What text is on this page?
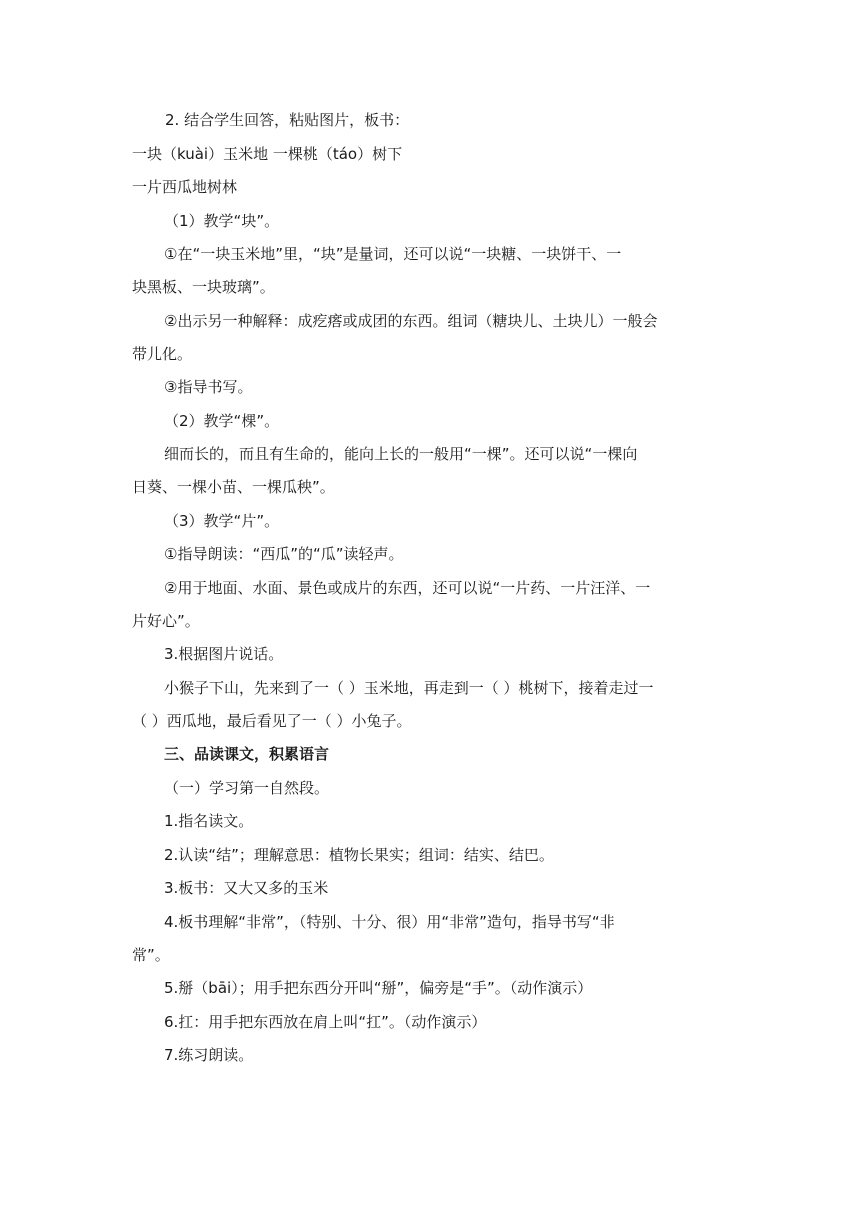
2. 结合学生回答，粘贴图片，板书：

一块（kuài）玉米地 一棵桃（táo）树下

一片西瓜地树林

（1）教学“块”。

①在“一块玉米地”里，“块”是量词，还可以说“一块糖、一块饼干、一
块黑板、一块玻璃”。
②出示另一种解释：成疙瘩或成团的东西。组词（糖块儿、土块儿）一般会
带儿化。

③指导书写。

（2）教学“棵”。

细而长的，而且有生命的，能向上长的一般用“一棵”。还可以说“一棵向
日葵、一棵小苗、一棵瓜秧”。

（3）教学“片”。

①指导朗读：“西瓜”的“瓜”读轻声。

②用于地面、水面、景色或成片的东西，还可以说“一片药、一片汪洋、一
片好心”。

3.根据图片说话。

小猴子下山，先来到了一（ ）玉米地，再走到一（ ）桃树下，接着走过一
（ ）西瓜地，最后看见了一（ ）小兔子。

三、品读课文，积累语言

（一）学习第一自然段。

1.指名读文。

2.认读“结”；理解意思：植物长果实；组词：结实、结巴。

3.板书：又大又多的玉米

4.板书理解“非常”，（特别、十分、很）用“非常”造句，指导书写“非
常”。

5.掰（bāi）；用手把东西分开叫“掰”，偏旁是“手”。（动作演示）

6.扛：用手把东西放在肩上叫“扛”。（动作演示）

7.练习朗读。
